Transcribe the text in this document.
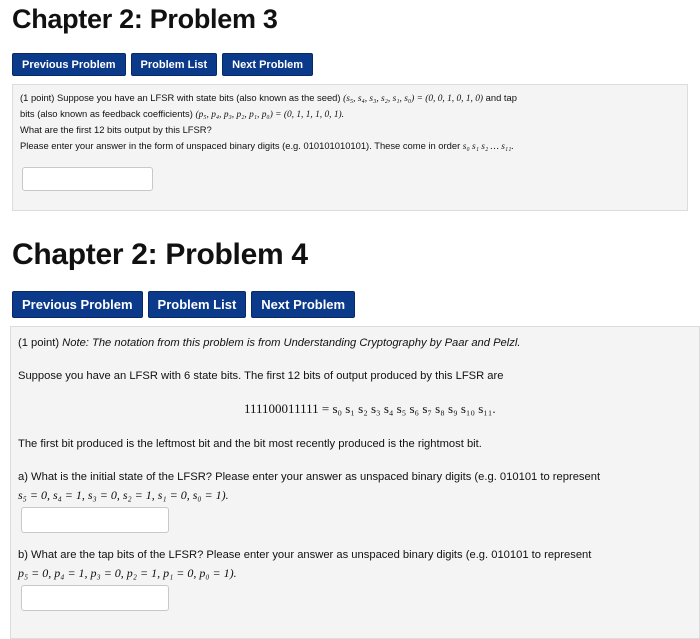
Chapter 2: Problem 3
Previous Problem	Problem List	Next Problem
(1 point) Suppose you have an LFSR with state bits (also known as the seed) (s₅, s₄, s₃, s₂, s₁, s₀) = (0, 0, 1, 0, 1, 0) and tap
bits (also known as feedback coefficients) (p₅, p₄, p₃, p₂, p₁, p₀) = (0, 1, 1, 1, 0, 1).
What are the first 12 bits output by this LFSR?
Please enter your answer in the form of unspaced binary digits (e.g. 010101010101). These come in order s₀ s₁ s₂ … s₁₁.
Chapter 2: Problem 4
Previous Problem	Problem List	Next Problem
(1 point) Note: The notation from this problem is from Understanding Cryptography by Paar and Pelzl.
Suppose you have an LFSR with 6 state bits. The first 12 bits of output produced by this LFSR are
111100011111 = s₀ s₁ s₂ s₃ s₄ s₅ s₆ s₇ s₈ s₉ s₁₀ s₁₁.
The first bit produced is the leftmost bit and the bit most recently produced is the rightmost bit.
a) What is the initial state of the LFSR? Please enter your answer as unspaced binary digits (e.g. 010101 to represent
s₅ = 0, s₄ = 1, s₃ = 0, s₂ = 1, s₁ = 0, s₀ = 1).
b) What are the tap bits of the LFSR? Please enter your answer as unspaced binary digits (e.g. 010101 to represent
p₅ = 0, p₄ = 1, p₃ = 0, p₂ = 1, p₁ = 0, p₀ = 1).
